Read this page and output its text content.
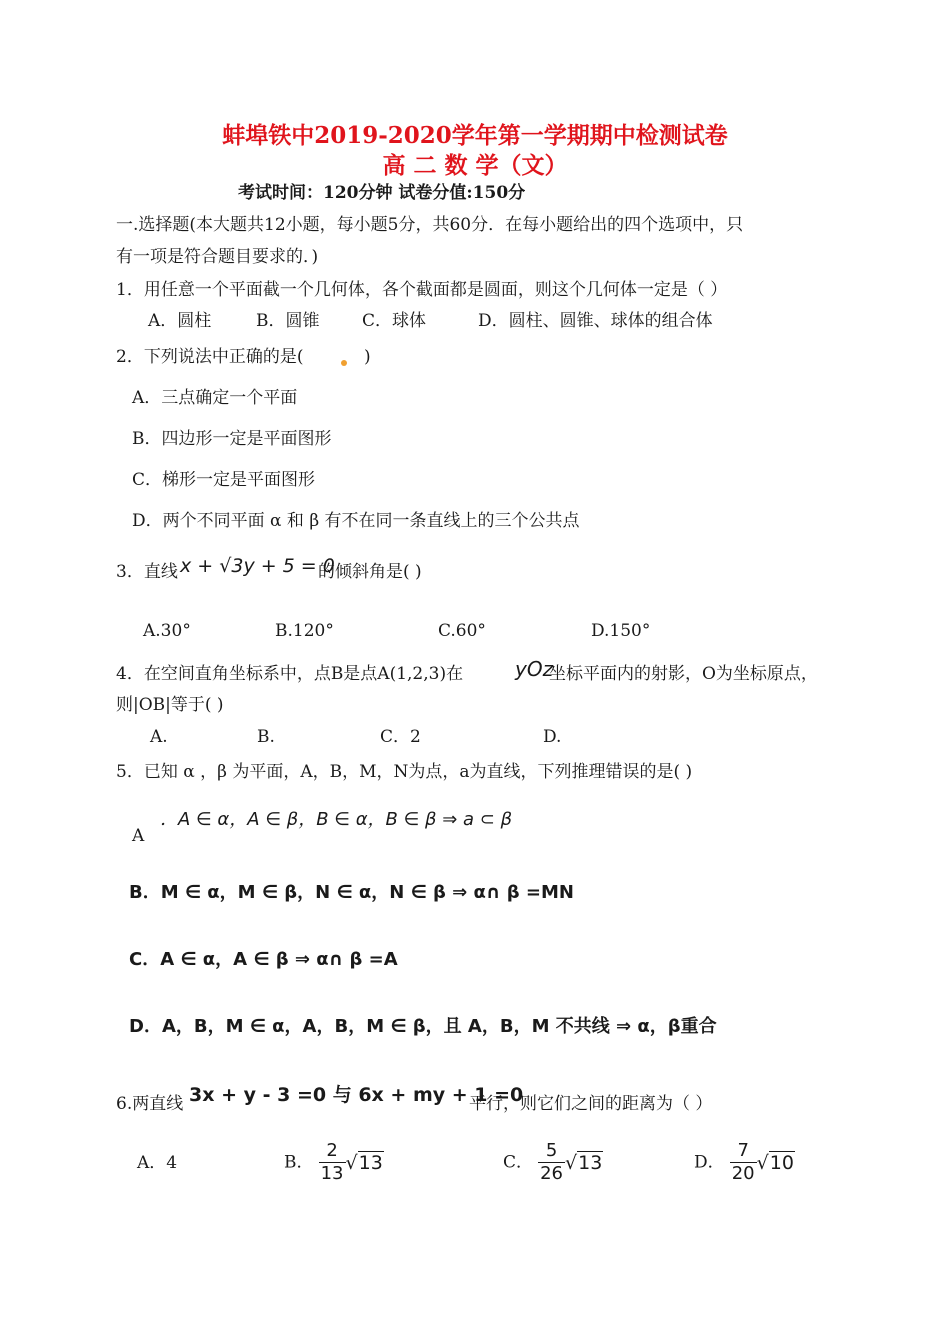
蚌埠铁中2019-2020学年第一学期期中检测试卷
高 二 数 学（文）
考试时间：120分钟 试卷分值:150分
一.选择题(本大题共12小题，每小题5分，共60分．在每小题给出的四个选项中，只
有一项是符合题目要求的．)
1．用任意一个平面截一个几何体，各个截面都是圆面，则这个几何体一定是（ ）
A．圆柱	B．圆锥	C．球体	D．圆柱、圆锥、球体的组合体
2．下列说法中正确的是(	)
A．三点确定一个平面
B．四边形一定是平面图形
C．梯形一定是平面图形
D．两个不同平面 α 和 β 有不在同一条直线上的三个公共点
3．直线 x + √3y + 5 = 0
的倾斜角是( )
A.30°	B.120°	C.60°	D.150°
4．在空间直角坐标系中，点B是点A(1,2,3)在	yOz
坐标平面内的射影，O为坐标原点，
则|OB|等于( )
A.	B.	C．2	D.
5．已知 α ，β 为平面，A，B，M，N为点，a为直线，下列推理错误的是( )
A
．A ∈ α，A ∈ β，B ∈ α，B ∈ β ⇒ a ⊂ β
B．M ∈ α，M ∈ β，N ∈ α，N ∈ β ⇒ α∩ β =MN
C．A ∈ α，A ∈ β ⇒ α∩ β =A
D．A，B，M ∈ α，A，B，M ∈ β，且 A，B，M 不共线 ⇒ α，β重合
6.两直线 3x + y - 3 =0 与 6x + my + 1 =0
平行，则它们之间的距离为（ ）
A．4	B． $\frac{2}{13} √13$	C． $\frac{5}{26} √13$	D． $\frac{7}{20} √10$
